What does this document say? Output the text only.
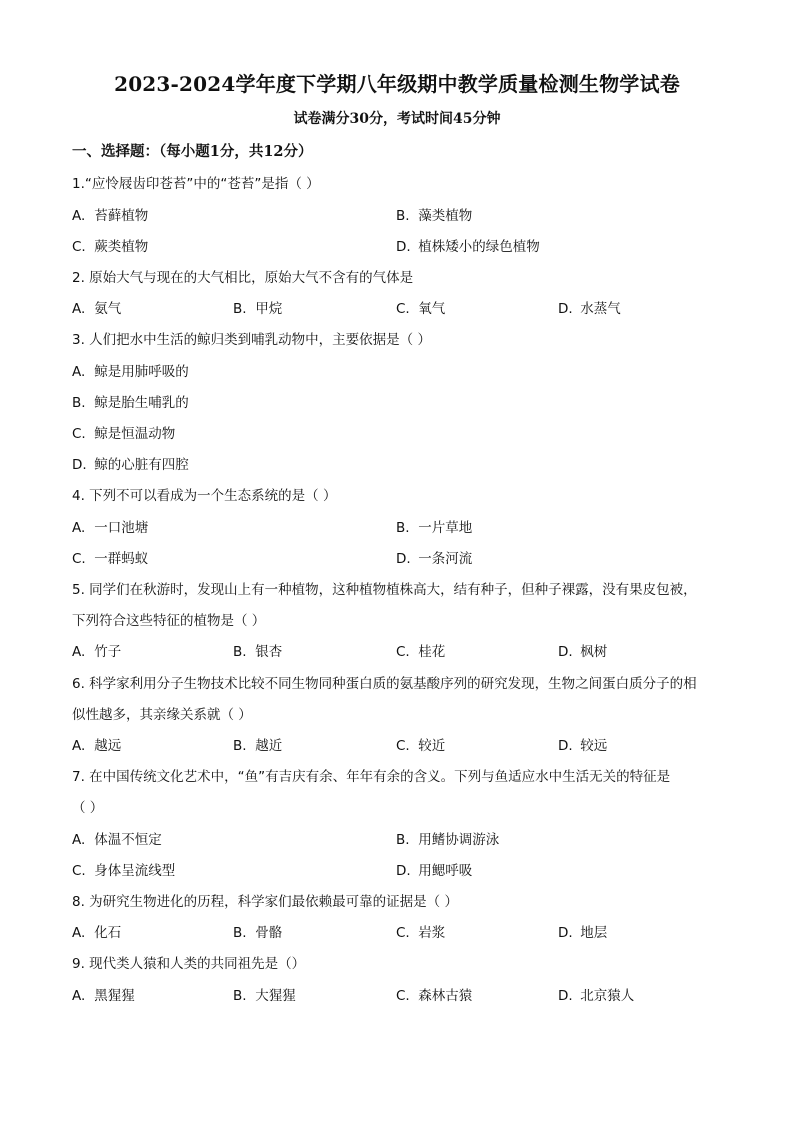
2023-2024学年度下学期八年级期中教学质量检测生物学试卷
试卷满分30分，考试时间45分钟
一、选择题：（每小题1分，共12分）
1.“应怜屐齿印苍苔”中的“苍苔”是指（ ）
A. 苔藓植物	B. 藻类植物
C. 蕨类植物	D. 植株矮小的绿色植物
2. 原始大气与现在的大气相比，原始大气不含有的气体是
A. 氨气	B. 甲烷	C. 氧气	D. 水蒸气
3. 人们把水中生活的鲸归类到哺乳动物中，主要依据是（ ）
A. 鲸是用肺呼吸的
B. 鲸是胎生哺乳的
C. 鲸是恒温动物
D. 鲸的心脏有四腔
4. 下列不可以看成为一个生态系统的是（ ）
A. 一口池塘	B. 一片草地
C. 一群蚂蚁	D. 一条河流
5. 同学们在秋游时，发现山上有一种植物，这种植物植株高大，结有种子，但种子裸露，没有果皮包被，
下列符合这些特征的植物是（ ）
A. 竹子	B. 银杏	C. 桂花	D. 枫树
6. 科学家利用分子生物技术比较不同生物同种蛋白质的氨基酸序列的研究发现，生物之间蛋白质分子的相
似性越多，其亲缘关系就（ ）
A. 越远	B. 越近	C. 较近	D. 较远
7. 在中国传统文化艺术中，“鱼”有吉庆有余、年年有余的含义。下列与鱼适应水中生活无关的特征是
（ ）
A. 体温不恒定	B. 用鳍协调游泳
C. 身体呈流线型	D. 用鳃呼吸
8. 为研究生物进化的历程，科学家们最依赖最可靠的证据是（ ）
A. 化石	B. 骨骼	C. 岩浆	D. 地层
9. 现代类人猿和人类的共同祖先是（）
A. 黑猩猩	B. 大猩猩	C. 森林古猿	D. 北京猿人
